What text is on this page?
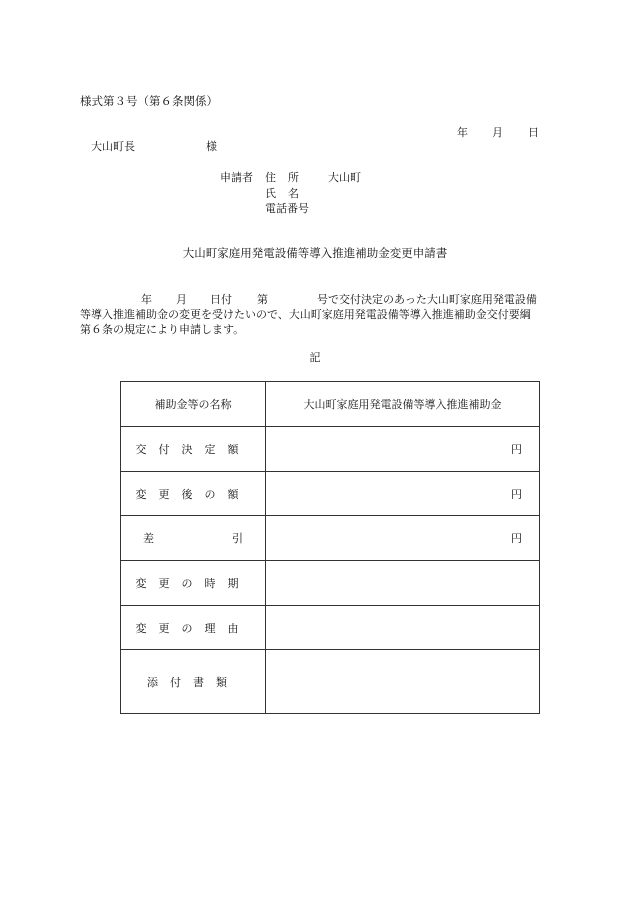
様式第３号（第６条関係）
年 月 日
大山町長	様
申請者 住所 大山町
氏名
電話番号
大山町家庭用発電設備等導入推進補助金変更申請書
年 月 日付 第	号で交付決定のあった大山町家庭用発電設備
等導入推進補助金の変更を受けたいので、大山町家庭用発電設備等導入推進補助金交付要綱
第６条の規定により申請します。
記
補助金等の名称	大山町家庭用発電設備等導入推進補助金
交付決定額	円
変更後の額	円

差 引	円
変更の時期	
変更の理由	
添付書類	
